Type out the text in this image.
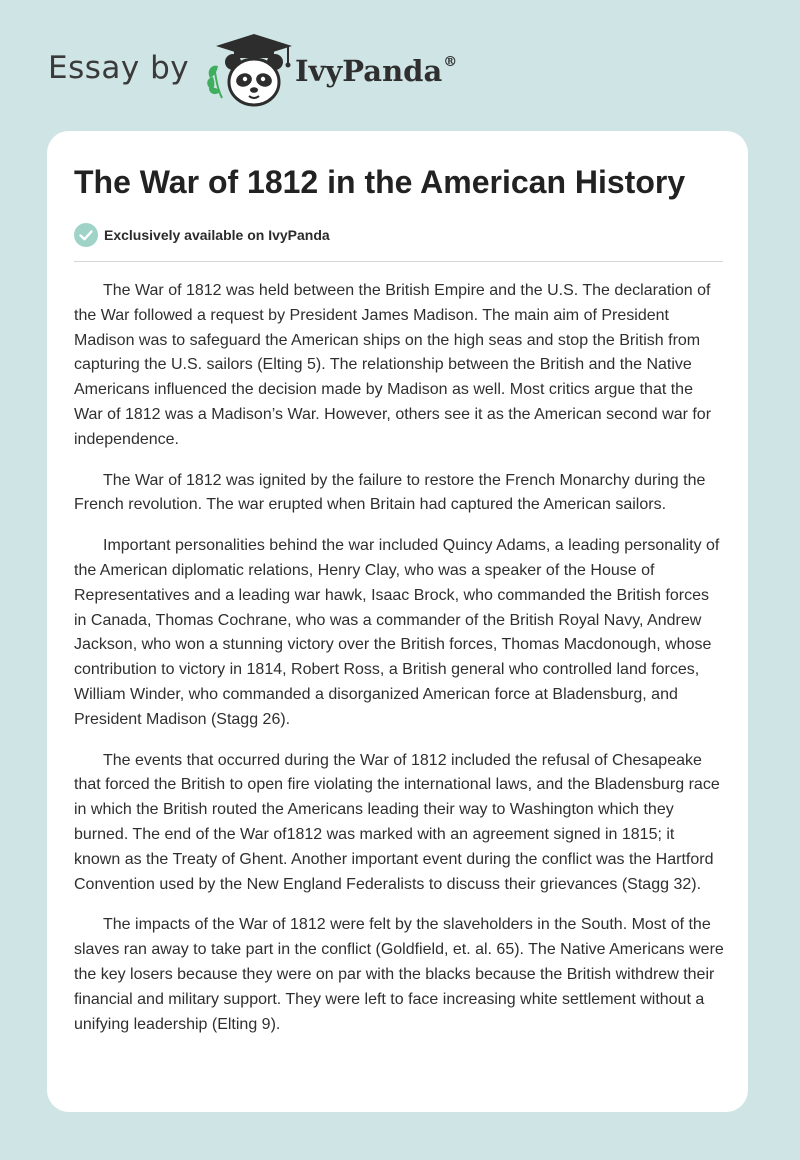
Essay by	IvyPanda®
The War of 1812 in the American History
Exclusively available on IvyPanda

The War of 1812 was held between the British Empire and the U.S. The declaration of the War followed a request by President James Madison. The main aim of President Madison was to safeguard the American ships on the high seas and stop the British from capturing the U.S. sailors (Elting 5). The relationship between the British and the Native Americans influenced the decision made by Madison as well. Most critics argue that the War of 1812 was a Madison’s War. However, others see it as the American second war for independence.

The War of 1812 was ignited by the failure to restore the French Monarchy during the French revolution. The war erupted when Britain had captured the American sailors.

Important personalities behind the war included Quincy Adams, a leading personality of the American diplomatic relations, Henry Clay, who was a speaker of the House of Representatives and a leading war hawk, Isaac Brock, who commanded the British forces in Canada, Thomas Cochrane, who was a commander of the British Royal Navy, Andrew Jackson, who won a stunning victory over the British forces, Thomas Macdonough, whose contribution to victory in 1814, Robert Ross, a British general who controlled land forces, William Winder, who commanded a disorganized American force at Bladensburg, and President Madison (Stagg 26).

The events that occurred during the War of 1812 included the refusal of Chesapeake that forced the British to open fire violating the international laws, and the Bladensburg race in which the British routed the Americans leading their way to Washington which they burned. The end of the War of1812 was marked with an agreement signed in 1815; it known as the Treaty of Ghent. Another important event during the conflict was the Hartford Convention used by the New England Federalists to discuss their grievances (Stagg 32).

The impacts of the War of 1812 were felt by the slaveholders in the South. Most of the slaves ran away to take part in the conflict (Goldfield, et. al. 65). The Native Americans were the key losers because they were on par with the blacks because the British withdrew their financial and military support. They were left to face increasing white settlement without a unifying leadership (Elting 9).
